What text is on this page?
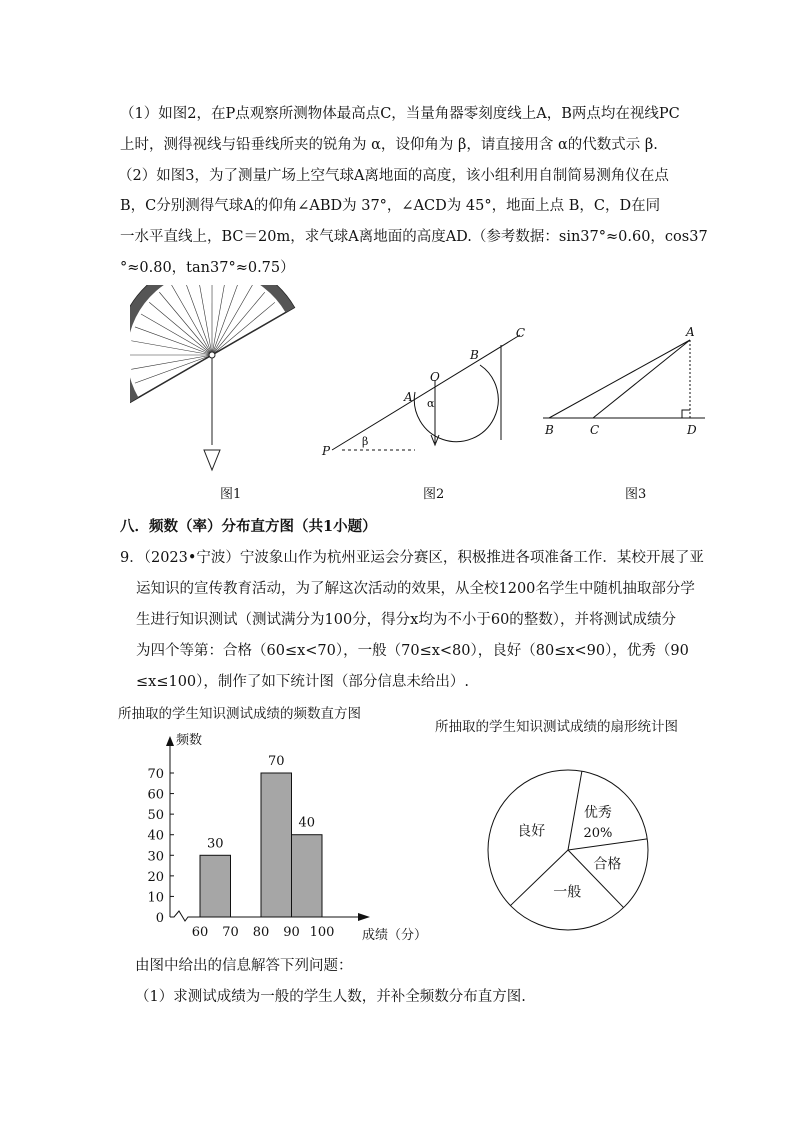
（1）如图2，在P点观察所测物体最高点C，当量角器零刻度线上A，B两点均在视线PC
上时，测得视线与铅垂线所夹的锐角为 α，设仰角为 β，请直接用含 α的代数式示 β.
（2）如图3，为了测量广场上空气球A离地面的高度，该小组利用自制简易测角仪在点
B，C分别测得气球A的仰角∠ABD为 37°，∠ACD为 45°，地面上点 B，C，D在同
一水平直线上，BC＝20m，求气球A离地面的高度AD.（参考数据：sin37°≈0.60，cos37
°≈0.80，tan37°≈0.75）
P
A
O
B
C
α
β
A
B	C	D
图1	图2	图3
八．频数（率）分布直方图（共1小题）
9．（2023•宁波）宁波象山作为杭州亚运会分赛区，积极推进各项准备工作．某校开展了亚
运知识的宣传教育活动，为了解这次活动的效果，从全校1200名学生中随机抽取部分学
生进行知识测试（测试满分为100分，得分x均为不小于60的整数），并将测试成绩分
为四个等第：合格（60≤x<70），一般（70≤x<80），良好（80≤x<90），优秀（90
≤x≤100），制作了如下统计图（部分信息未给出）.
所抽取的学生知识测试成绩的频数直方图
所抽取的学生知识测试成绩的扇形统计图
0
10
20
30
40
50
60
70
60 70 80 90 100
30
70
40
频数
成绩（分）
优秀
20%
合格
一般
良好
由图中给出的信息解答下列问题：
（1）求测试成绩为一般的学生人数，并补全频数分布直方图.
